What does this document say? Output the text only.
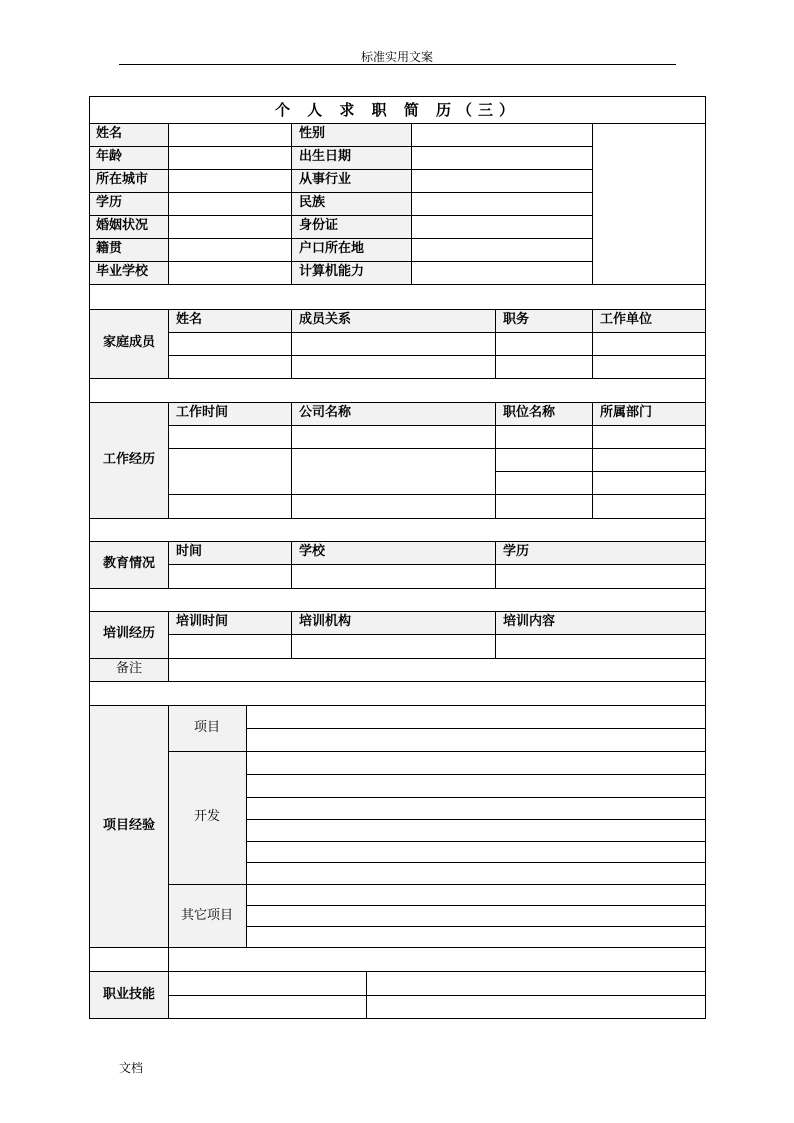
标准实用文案
个 人 求 职 简 历（三）
姓名	性别
年龄	出生日期
所在城市	从事行业
学历	民族
婚姻状况	身份证
籍贯	户口所在地
毕业学校	计算机能力
家庭成员
姓名	成员关系	职务	工作单位
工作经历
工作时间	公司名称	职位名称	所属部门
教育情况
时间	学校	学历
培训经历
培训时间	培训机构	培训内容
备注
项目经验
项目
开发
其它项目
职业技能
文档
